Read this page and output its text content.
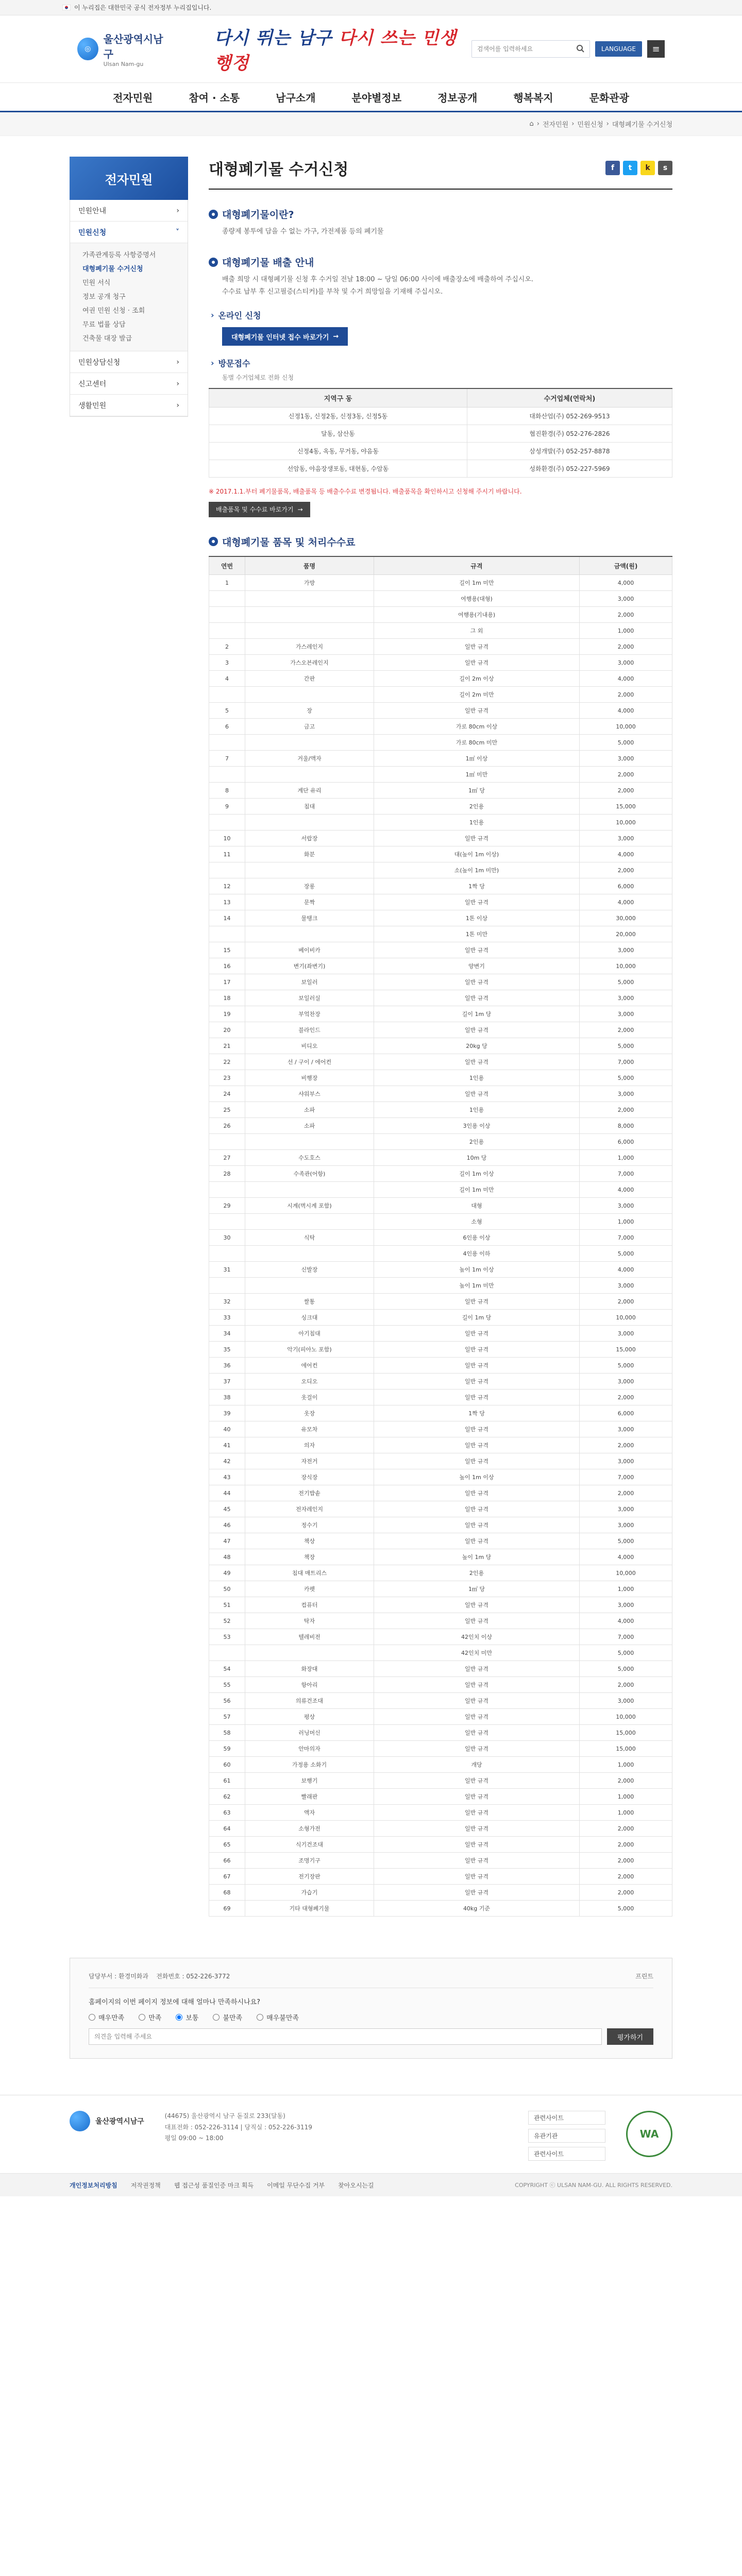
이 누리집은 대한민국 공식 전자정부 누리집입니다.
◎
울산광역시남구
Ulsan Nam-gu
다시 뛰는 남구 다시 쓰는 민생행정
검색어를 입력하세요
LANGUAGE	≡
전자민원	참여 · 소통	남구소개	분야별정보	정보공개	행복복지	문화관광
⌂ › 전자민원 › 민원신청 › 대형폐기물 수거신청
전자민원
민원안내	›
민원신청	˅
가족관계등록 사항증명서
대형폐기물 수거신청
민원 서식
정보 공개 청구
여권 민원 신청 · 조회
무료 법률 상담
건축물 대장 발급
민원상담신청	›
신고센터	›
생활민원	›
대형폐기물 수거신청	f	t	k	s
대형폐기물이란?

종량제 봉투에 담을 수 없는 가구, 가전제품 등의 폐기물

대형폐기물 배출 안내

배출 희망 시 대형폐기물 신청 후 수거일 전날 18:00 ~ 당일 06:00 사이에 배출장소에 배출하여 주십시오.

수수료 납부 후 신고필증(스티커)를 부착 및 수거 희망일을 기재해 주십시오.

› 온라인 신청
대형폐기물 인터넷 접수 바로가기 →
› 방문접수

동별 수거업체로 전화 신청

지역구 동	수거업체(연락처)
신정1동, 신정2동, 신정3동, 신정5동	대화산업(주) 052-269-9513
달동, 삼산동	협진환경(주) 052-276-2826
신정4동, 옥동, 무거동, 야음동	삼성개발(주) 052-257-8878
선암동, 야음장생포동, 대현동, 수암동	성화환경(주) 052-227-5969

※ 2017.1.1.부터 폐기물품목, 배출품목 등 배출수수료 변경됩니다. 배출품목을 확인하시고 신청해 주시기 바랍니다.

배출품목 및 수수료 바로가기 →
대형폐기물 품목 및 처리수수료
연번	품명	규격	금액(원)
1	가방	길이 1m 미만	4,000
		여행용(대형)	3,000
		여행용(기내용)	2,000
		그 외	1,000
2	가스레인지	일반 규격	2,000
3	가스오븐레인지	일반 규격	3,000
4	간판	길이 2m 이상	4,000
		길이 2m 미만	2,000
5	장	일반 규격	4,000
6	금고	가로 80cm 이상	10,000
		가로 80cm 미만	5,000
7	거울/액자	1㎡ 이상	3,000
		1㎡ 미만	2,000
8	계단 유리	1㎡ 당	2,000
9	침대	2인용	15,000
		1인용	10,000
10	서랍장	일반 규격	3,000
11	화분	대(높이 1m 이상)	4,000
		소(높이 1m 미만)	2,000
12	장롱	1짝 당	6,000
13	문짝	일반 규격	4,000
14	물탱크	1톤 이상	30,000
		1톤 미만	20,000
15	베이비카	일반 규격	3,000
16	변기(좌변기)	양변기	10,000
17	보일러	일반 규격	5,000
18	보일러실	일반 규격	3,000
19	부엌찬장	길이 1m 당	3,000
20	블라인드	일반 규격	2,000
21	비디오	20kg 당	5,000
22	선 / 구이 / 에어컨	일반 규격	7,000
23	비행장	1인용	5,000
24	샤워부스	일반 규격	3,000
25	소파	1인용	2,000
26	소파	3인용 이상	8,000
		2인용	6,000
27	수도호스	10m 당	1,000
28	수족관(어항)	길이 1m 이상	7,000
		길이 1m 미만	4,000
29	시계(벽시계 포함)	대형	3,000
		소형	1,000
30	식탁	6인용 이상	7,000
		4인용 이하	5,000
31	신발장	높이 1m 이상	4,000
		높이 1m 미만	3,000
32	쌀통	일반 규격	2,000
33	싱크대	길이 1m 당	10,000
34	아기침대	일반 규격	3,000
35	악기(피아노 포함)	일반 규격	15,000
36	에어컨	일반 규격	5,000
37	오디오	일반 규격	3,000
38	옷걸이	일반 규격	2,000
39	옷장	1짝 당	6,000
40	유모차	일반 규격	3,000
41	의자	일반 규격	2,000
42	자전거	일반 규격	3,000
43	장식장	높이 1m 이상	7,000
44	전기밥솥	일반 규격	2,000
45	전자레인지	일반 규격	3,000
46	정수기	일반 규격	3,000
47	책상	일반 규격	5,000
48	책장	높이 1m 당	4,000
49	침대 매트리스	2인용	10,000
50	카펫	1㎡ 당	1,000
51	컴퓨터	일반 규격	3,000
52	탁자	일반 규격	4,000
53	텔레비전	42인치 이상	7,000
		42인치 미만	5,000
54	화장대	일반 규격	5,000
55	항아리	일반 규격	2,000
56	의류건조대	일반 규격	3,000
57	평상	일반 규격	10,000
58	러닝머신	일반 규격	15,000
59	안마의자	일반 규격	15,000
60	가정용 소화기	개당	1,000
61	보행기	일반 규격	2,000
62	빨래판	일반 규격	1,000
63	액자	일반 규격	1,000
64	소형가전	일반 규격	2,000
65	식기건조대	일반 규격	2,000
66	조명기구	일반 규격	2,000
67	전기장판	일반 규격	2,000
68	가습기	일반 규격	2,000
69	기타 대형폐기물	40kg 기준	5,000
담당부서 : 환경미화과 전화번호 : 052-226-3772	프린트

홈페이지의 이번 페이지 정보에 대해 얼마나 만족하시나요?

매우만족	만족	보통	불만족	매우불만족
의견을 입력해 주세요
평가하기
울산광역시남구
(44675) 울산광역시 남구 돋질로 233(달동)
대표전화 : 052-226-3114 | 당직실 : 052-226-3119
평일 09:00 ~ 18:00
관련사이트
유관기관
관련사이트
WA
개인정보처리방침 저작권정책 웹 접근성 품질인증 마크 획득 이메일 무단수집 거부 찾아오시는길	COPYRIGHT ⓒ ULSAN NAM-GU. ALL RIGHTS RESERVED.
